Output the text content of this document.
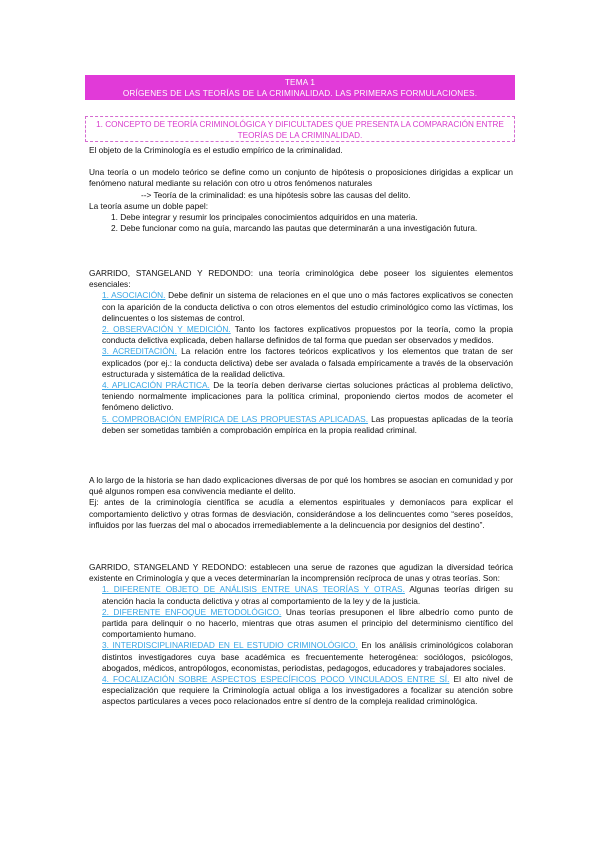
TEMA 1
ORÍGENES DE LAS TEORÍAS DE LA CRIMINALIDAD. LAS PRIMERAS FORMULACIONES.
1. CONCEPTO DE TEORÍA CRIMINOLÓGICA Y DIFICULTADES QUE PRESENTA LA COMPARACIÓN ENTRE TEORÍAS DE LA CRIMINALIDAD.

El objeto de la Criminología es el estudio empírico de la criminalidad.

Una teoría o un modelo teórico se define como un conjunto de hipótesis o proposiciones dirigidas a explicar un fenómeno natural mediante su relación con otro u otros fenómenos naturales

--> Teoría de la criminalidad: es una hipótesis sobre las causas del delito.

La teoría asume un doble papel:

1. Debe integrar y resumir los principales conocimientos adquiridos en una materia.

2. Debe funcionar como na guía, marcando las pautas que determinarán a una investigación futura.

GARRIDO, STANGELAND Y REDONDO: una teoría criminológica debe poseer los siguientes elementos esenciales:

1. ASOCIACIÓN. Debe definir un sistema de relaciones en el que uno o más factores explicativos se conecten con la aparición de la conducta delictiva o con otros elementos del estudio criminológico como las víctimas, los delincuentes o los sistemas de control.

2. OBSERVACIÓN Y MEDICIÓN. Tanto los factores explicativos propuestos por la teoría, como la propia conducta delictiva explicada, deben hallarse definidos de tal forma que puedan ser observados y medidos.

3. ACREDITACIÓN. La relación entre los factores teóricos explicativos y los elementos que tratan de ser explicados (por ej.: la conducta delictiva) debe ser avalada o falsada empíricamente a través de la observación estructurada y sistemática de la realidad delictiva.

4. APLICACIÓN PRÁCTICA. De la teoría deben derivarse ciertas soluciones prácticas al problema delictivo, teniendo normalmente implicaciones para la política criminal, proponiendo ciertos modos de acometer el fenómeno delictivo.

5. COMPROBACIÓN EMPÍRICA DE LAS PROPUESTAS APLICADAS. Las propuestas aplicadas de la teoría deben ser sometidas también a comprobación empírica en la propia realidad criminal.

A lo largo de la historia se han dado explicaciones diversas de por qué los hombres se asocian en comunidad y por qué algunos rompen esa convivencia mediante el delito.

Ej: antes de la criminología científica se acudía a elementos espirituales y demoníacos para explicar el comportamiento delictivo y otras formas de desviación, considerándose a los delincuentes como “seres poseídos, influidos por las fuerzas del mal o abocados irremediablemente a la delincuencia por designios del destino”.

GARRIDO, STANGELAND Y REDONDO: establecen una serue de razones que agudizan la diversidad teórica existente en Criminología y que a veces determinarían la incomprensión recíproca de unas y otras teorías. Son:

1. DIFERENTE OBJETO DE ANÁLISIS ENTRE UNAS TEORÍAS Y OTRAS. Algunas teorías dirigen su atención hacia la conducta delictiva y otras al comportamiento de la ley y de la justicia.

2. DIFERENTE ENFOQUE METODOLÓGICO. Unas teorías presuponen el libre albedrío como punto de partida para delinquir o no hacerlo, mientras que otras asumen el principio del determinismo científico del comportamiento humano.

3. INTERDISCIPLINARIEDAD EN EL ESTUDIO CRIMINOLÓGICO. En los análisis criminológicos colaboran distintos investigadores cuya base académica es frecuentemente heterogénea: sociólogos, psicólogos, abogados, médicos, antropólogos, economistas, periodistas, pedagogos, educadores y trabajadores sociales.

4. FOCALIZACIÓN SOBRE ASPECTOS ESPECÍFICOS POCO VINCULADOS ENTRE SÍ. El alto nivel de especialización que requiere la Criminología actual obliga a los investigadores a focalizar su atención sobre aspectos particulares a veces poco relacionados entre sí dentro de la compleja realidad criminológica.
